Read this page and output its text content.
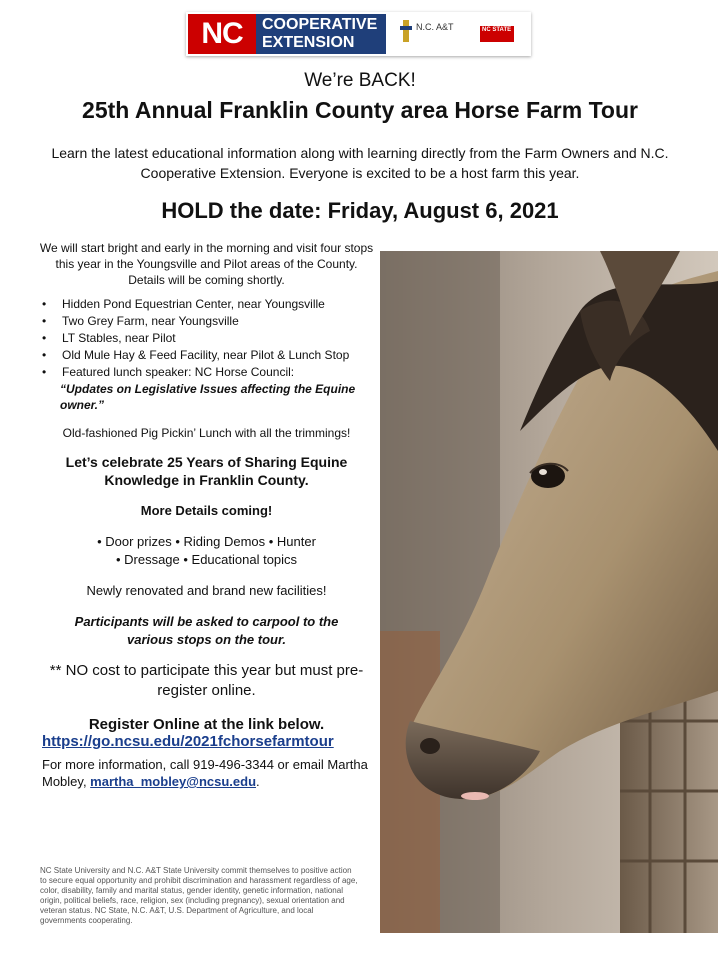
NC	COOPERATIVE
EXTENSION
N.C. A&T	NC STATE
We’re BACK!
25th Annual Franklin County area Horse Farm Tour
Learn the latest educational information along with learning directly from the Farm Owners and N.C. Cooperative Extension. Everyone is excited to be a host farm this year.
HOLD the date: Friday, August 6, 2021

We will start bright and early in the morning and visit four stops this year in the Youngsville and Pilot areas of the County. Details will be coming shortly.

• Hidden Pond Equestrian Center, near Youngsville
• Two Grey Farm, near Youngsville
• LT Stables, near Pilot
• Old Mule Hay & Feed Facility, near Pilot & Lunch Stop
• Featured lunch speaker: NC Horse Council:
“Updates on Legislative Issues affecting the Equine owner.”

Old-fashioned Pig Pickin’ Lunch with all the trimmings!

Let’s celebrate 25 Years of Sharing Equine Knowledge in Franklin County.

More Details coming!

• Door prizes • Riding Demos • Hunter

• Dressage • Educational topics

Newly renovated and brand new facilities!

Participants will be asked to carpool to the various stops on the tour.

** NO cost to participate this year but must pre-register online.

Register Online at the link below.

https://go.ncsu.edu/2021fchorsefarmtour

For more information, call 919-496-3344 or email Martha Mobley, martha_mobley@ncsu.edu.

NC State University and N.C. A&T State University commit themselves to positive action to secure equal opportunity and prohibit discrimination and harassment regardless of age, color, disability, family and marital status, gender identity, genetic information, national origin, political beliefs, race, religion, sex (including pregnancy), sexual orientation and veteran status. NC State, N.C. A&T, U.S. Department of Agriculture, and local governments cooperating.
